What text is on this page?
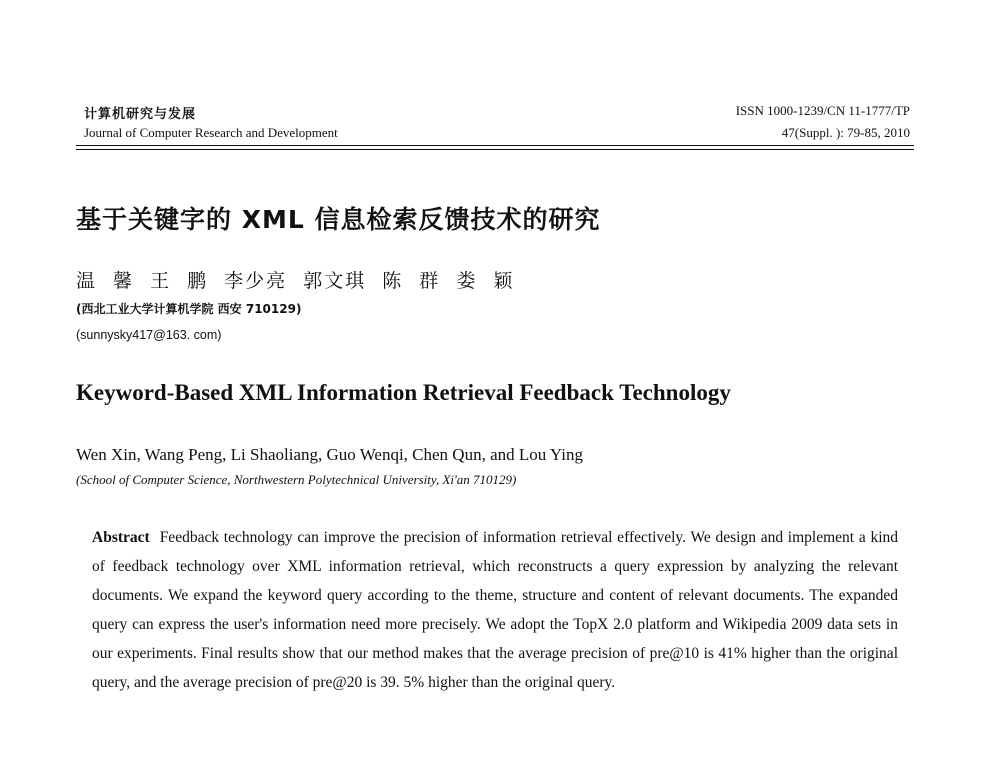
计算机研究与发展
Journal of Computer Research and Development
ISSN 1000-1239/CN 11-1777/TP
47(Suppl. ): 79-85, 2010
基于关键字的 XML 信息检索反馈技术的研究
温 馨 王 鹏 李少亮 郭文琪 陈 群 娄 颖
(西北工业大学计算机学院 西安 710129)
(sunnysky417@163. com)
Keyword-Based XML Information Retrieval Feedback Technology
Wen Xin, Wang Peng, Li Shaoliang, Guo Wenqi, Chen Qun, and Lou Ying
(School of Computer Science, Northwestern Polytechnical University, Xi'an 710129)
Abstract Feedback technology can improve the precision of information retrieval effectively. We design and implement a kind of feedback technology over XML information retrieval, which reconstructs a query expression by analyzing the relevant documents. We expand the keyword query according to the theme, structure and content of relevant documents. The expanded query can express the user's information need more precisely. We adopt the TopX 2.0 platform and Wikipedia 2009 data sets in our experiments. Final results show that our method makes that the average precision of pre@10 is 41% higher than the original query, and the average precision of pre@20 is 39. 5% higher than the original query.
